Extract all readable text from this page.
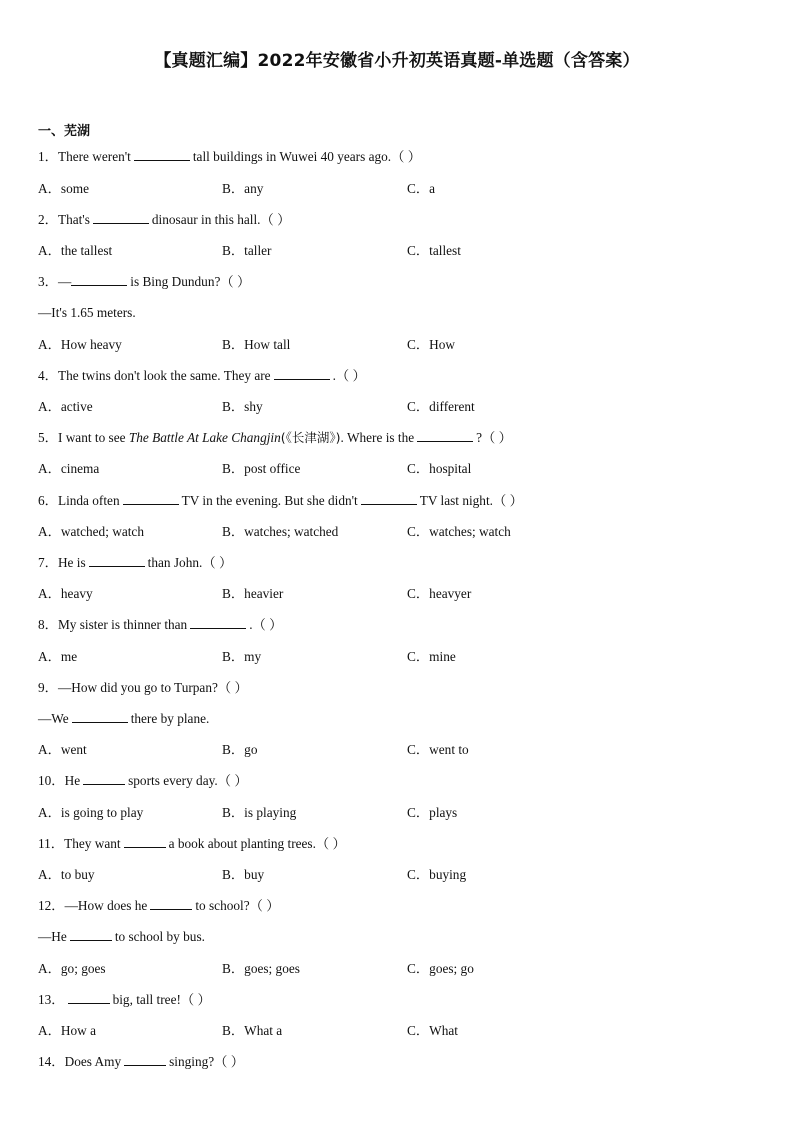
【真题汇编】2022年安徽省小升初英语真题-单选题（含答案）
一、芜湖
1．There weren't	tall buildings in Wuwei 40 years ago.（ ）
A．some	B．any	C．a
2．That's	dinosaur in this hall.（ ）
A．the tallest	B．taller	C．tallest
3．—	is Bing Dundun?（ ）
—It's 1.65 meters.
A．How heavy	B．How tall	C．How
4．The twins don't look the same. They are	.（ ）
A．active	B．shy	C．different
5．I want to see The Battle At Lake Changjin(《长津湖》). Where is the	?（ ）
A．cinema	B．post office	C．hospital
6．Linda often	TV in the evening. But she didn't	TV last night.（ ）
A．watched; watch	B．watches; watched	C．watches; watch
7．He is	than John.（ ）
A．heavy	B．heavier	C．heavyer
8．My sister is thinner than	.（ ）
A．me	B．my	C．mine
9．—How did you go to Turpan?（ ）
—We	there by plane.
A．went	B．go	C．went to
10．He	sports every day.（ ）
A．is going to play	B．is playing	C．plays
11．They want	a book about planting trees.（ ）
A．to buy	B．buy	C．buying
12．—How does he	to school?（ ）
—He	to school by bus.
A．go; goes	B．goes; goes	C．goes; go
13．	big, tall tree!（ ）
A．How a	B．What a	C．What
14．Does Amy	singing?（ ）
